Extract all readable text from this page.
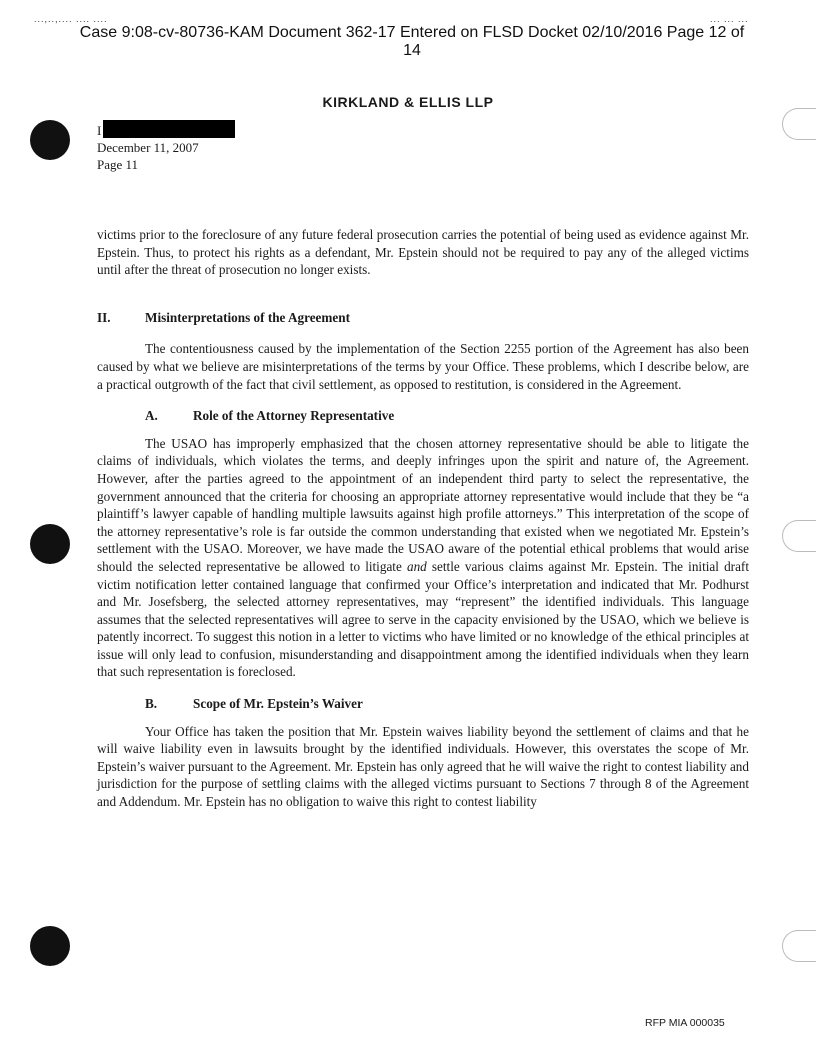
...,..,.... .... ....	... ... ...
Case 9:08-cv-80736-KAM Document 362-17 Entered on FLSD Docket 02/10/2016 Page 12 of
14
KIRKLAND & ELLIS LLP
I
December 11, 2007
Page 11

victims prior to the foreclosure of any future federal prosecution carries the potential of being used as evidence against Mr. Epstein. Thus, to protect his rights as a defendant, Mr. Epstein should not be required to pay any of the alleged victims until after the threat of prosecution no longer exists.

II.	Misinterpretations of the Agreement

The contentiousness caused by the implementation of the Section 2255 portion of the Agreement has also been caused by what we believe are misinterpretations of the terms by your Office. These problems, which I describe below, are a practical outgrowth of the fact that civil settlement, as opposed to restitution, is considered in the Agreement.

A.	Role of the Attorney Representative

The USAO has improperly emphasized that the chosen attorney representative should be able to litigate the claims of individuals, which violates the terms, and deeply infringes upon the spirit and nature of, the Agreement. However, after the parties agreed to the appointment of an independent third party to select the representative, the government announced that the criteria for choosing an appropriate attorney representative would include that they be “a plaintiff’s lawyer capable of handling multiple lawsuits against high profile attorneys.” This interpretation of the scope of the attorney representative’s role is far outside the common understanding that existed when we negotiated Mr. Epstein’s settlement with the USAO. Moreover, we have made the USAO aware of the potential ethical problems that would arise should the selected representative be allowed to litigate and settle various claims against Mr. Epstein. The initial draft victim notification letter contained language that confirmed your Office’s interpretation and indicated that Mr. Podhurst and Mr. Josefsberg, the selected attorney representatives, may “represent” the identified individuals. This language assumes that the selected representatives will agree to serve in the capacity envisioned by the USAO, which we believe is patently incorrect. To suggest this notion in a letter to victims who have limited or no knowledge of the ethical principles at issue will only lead to confusion, misunderstanding and disappointment among the identified individuals when they learn that such representation is foreclosed.

B.	Scope of Mr. Epstein’s Waiver

Your Office has taken the position that Mr. Epstein waives liability beyond the settlement of claims and that he will waive liability even in lawsuits brought by the identified individuals. However, this overstates the scope of Mr. Epstein’s waiver pursuant to the Agreement. Mr. Epstein has only agreed that he will waive the right to contest liability and jurisdiction for the purpose of settling claims with the alleged victims pursuant to Sections 7 through 8 of the Agreement and Addendum. Mr. Epstein has no obligation to waive this right to contest liability

RFP MIA 000035
